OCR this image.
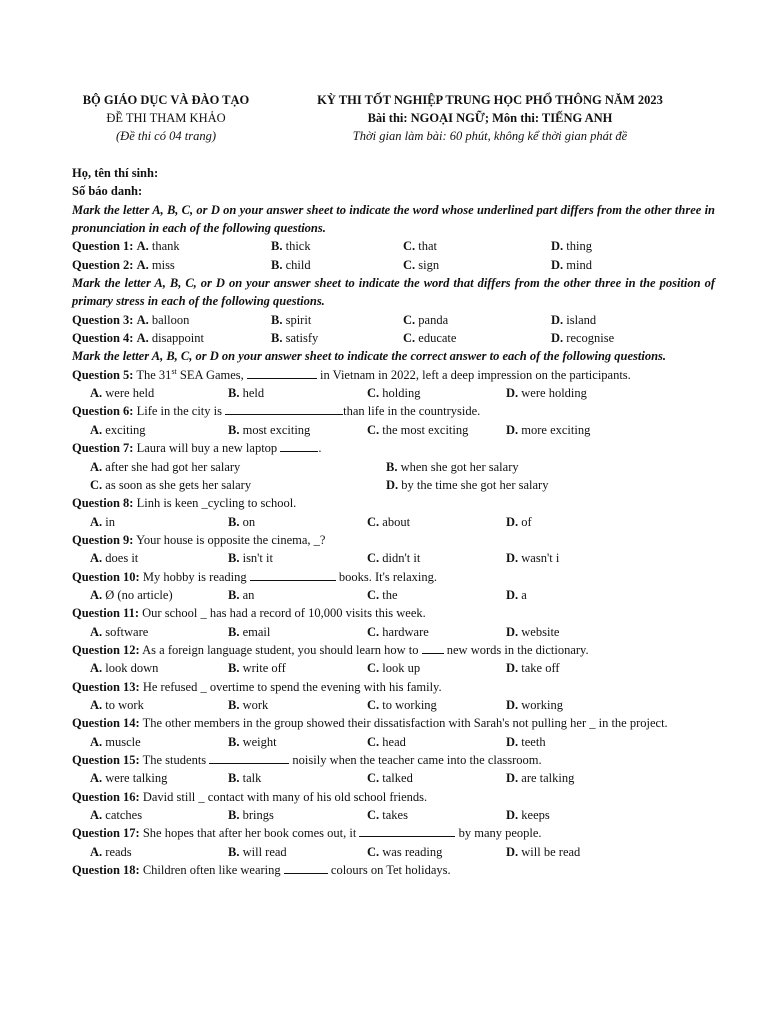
BỘ GIÁO DỤC VÀ ĐÀO TẠO
ĐỀ THI THAM KHẢO
(Đề thi có 04 trang)
KỲ THI TỐT NGHIỆP TRUNG HỌC PHỔ THÔNG NĂM 2023
Bài thi: NGOẠI NGỮ; Môn thi: TIẾNG ANH
Thời gian làm bài: 60 phút, không kể thời gian phát đề
Họ, tên thí sinh:
Số báo danh:
Mark the letter A, B, C, or D on your answer sheet to indicate the word whose underlined part differs from the other three in pronunciation in each of the following questions.
Question 1: A. thank	B. thick	C. that	D. thing
Question 2: A. miss	B. child	C. sign	D. mind
Mark the letter A, B, C, or D on your answer sheet to indicate the word that differs from the other three in the position of primary stress in each of the following questions.
Question 3: A. balloon	B. spirit	C. panda	D. island
Question 4: A. disappoint	B. satisfy	C. educate	D. recognise
Mark the letter A, B, C, or D on your answer sheet to indicate the correct answer to each of the following questions.
Question 5: The 31st SEA Games,	in Vietnam in 2022, left a deep impression on the participants.
A. were held	B. held	C. holding	D. were holding
Question 6: Life in the city is	than life in the countryside.
A. exciting	B. most exciting	C. the most exciting	D. more exciting
Question 7: Laura will buy a new laptop	.
A. after she had got her salary	B. when she got her salary
C. as soon as she gets her salary	D. by the time she got her salary
Question 8: Linh is keen _cycling to school.
A. in	B. on	C. about	D. of
Question 9: Your house is opposite the cinema, _?
A. does it	B. isn't it	C. didn't it	D. wasn't i
Question 10: My hobby is reading	books. It's relaxing.
A. Ø (no article)	B. an	C. the	D. a
Question 11: Our school _ has had a record of 10,000 visits this week.
A. software	B. email	C. hardware	D. website
Question 12: As a foreign language student, you should learn how to  new words in the dictionary.
A. look down	B. write off	C. look up	D. take off
Question 13: He refused _ overtime to spend the evening with his family.
A. to work	B. work	C. to working	D. working
Question 14: The other members in the group showed their dissatisfaction with Sarah's not pulling her _ in the project.
A. muscle	B. weight	C. head	D. teeth
Question 15: The students	noisily when the teacher came into the classroom.
A. were talking	B. talk	C. talked	D. are talking
Question 16: David still _ contact with many of his old school friends.
A. catches	B. brings	C. takes	D. keeps
Question 17: She hopes that after her book comes out, it	by many people.
A. reads	B. will read	C. was reading	D. will be read
Question 18: Children often like wearing	colours on Tet holidays.
